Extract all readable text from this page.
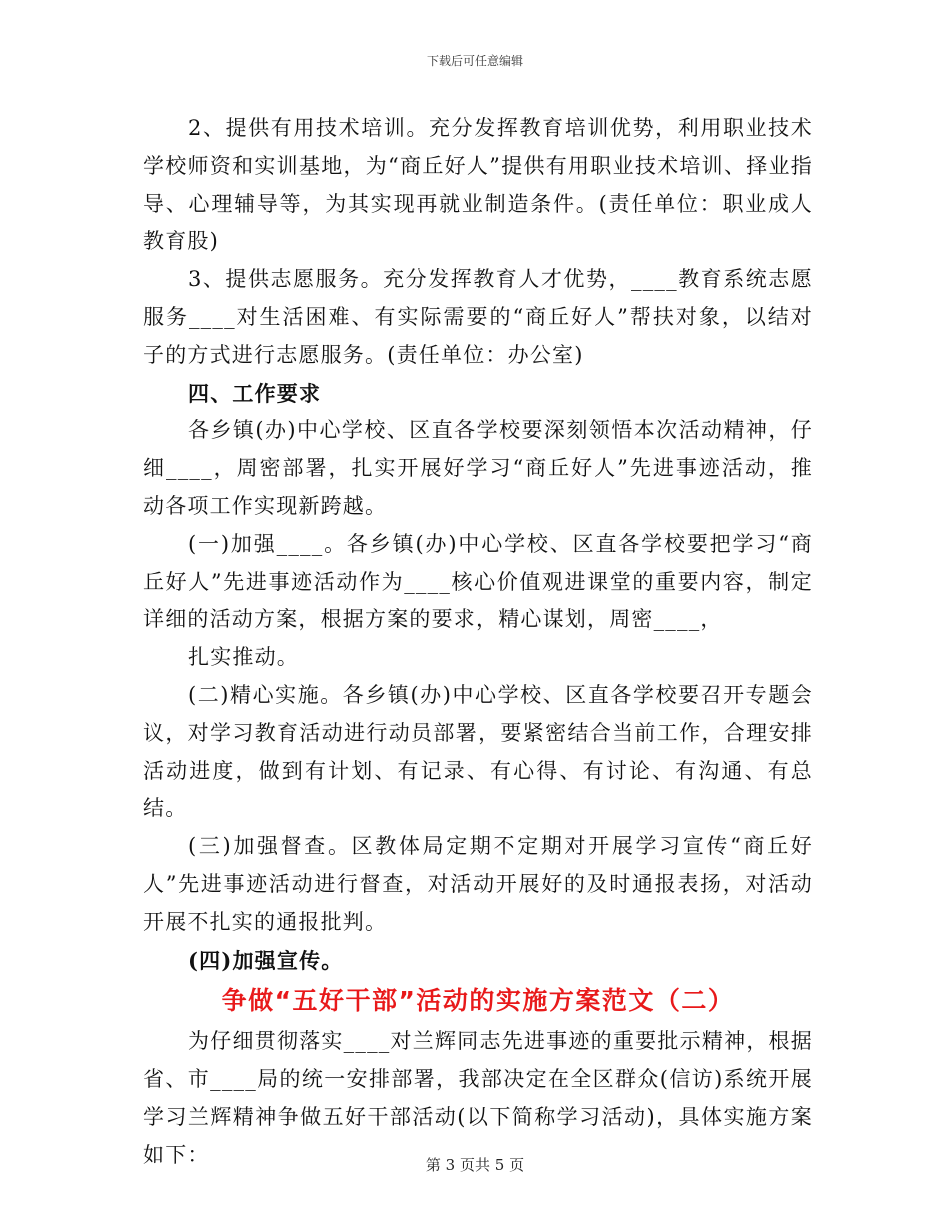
下载后可任意编辑

2、提供有用技术培训。充分发挥教育培训优势，利用职业技术学校师资和实训基地，为“商丘好人”提供有用职业技术培训、择业指导、心理辅导等，为其实现再就业制造条件。(责任单位：职业成人教育股)

3、提供志愿服务。充分发挥教育人才优势，____教育系统志愿服务____对生活困难、有实际需要的“商丘好人”帮扶对象，以结对子的方式进行志愿服务。(责任单位：办公室)

四、工作要求

各乡镇(办)中心学校、区直各学校要深刻领悟本次活动精神，仔细____，周密部署，扎实开展好学习“商丘好人”先进事迹活动，推动各项工作实现新跨越。

(一)加强____。各乡镇(办)中心学校、区直各学校要把学习“商丘好人”先进事迹活动作为____核心价值观进课堂的重要内容，制定详细的活动方案，根据方案的要求，精心谋划，周密____，

扎实推动。

(二)精心实施。各乡镇(办)中心学校、区直各学校要召开专题会议，对学习教育活动进行动员部署，要紧密结合当前工作，合理安排活动进度，做到有计划、有记录、有心得、有讨论、有沟通、有总结。

(三)加强督查。区教体局定期不定期对开展学习宣传“商丘好人”先进事迹活动进行督查，对活动开展好的及时通报表扬，对活动开展不扎实的通报批判。

(四)加强宣传。

争做“五好干部”活动的实施方案范文（二）

为仔细贯彻落实____对兰辉同志先进事迹的重要批示精神，根据省、市____局的统一安排部署，我部决定在全区群众(信访)系统开展学习兰辉精神争做五好干部活动(以下简称学习活动)，具体实施方案如下：	第 3 页共 5 页
